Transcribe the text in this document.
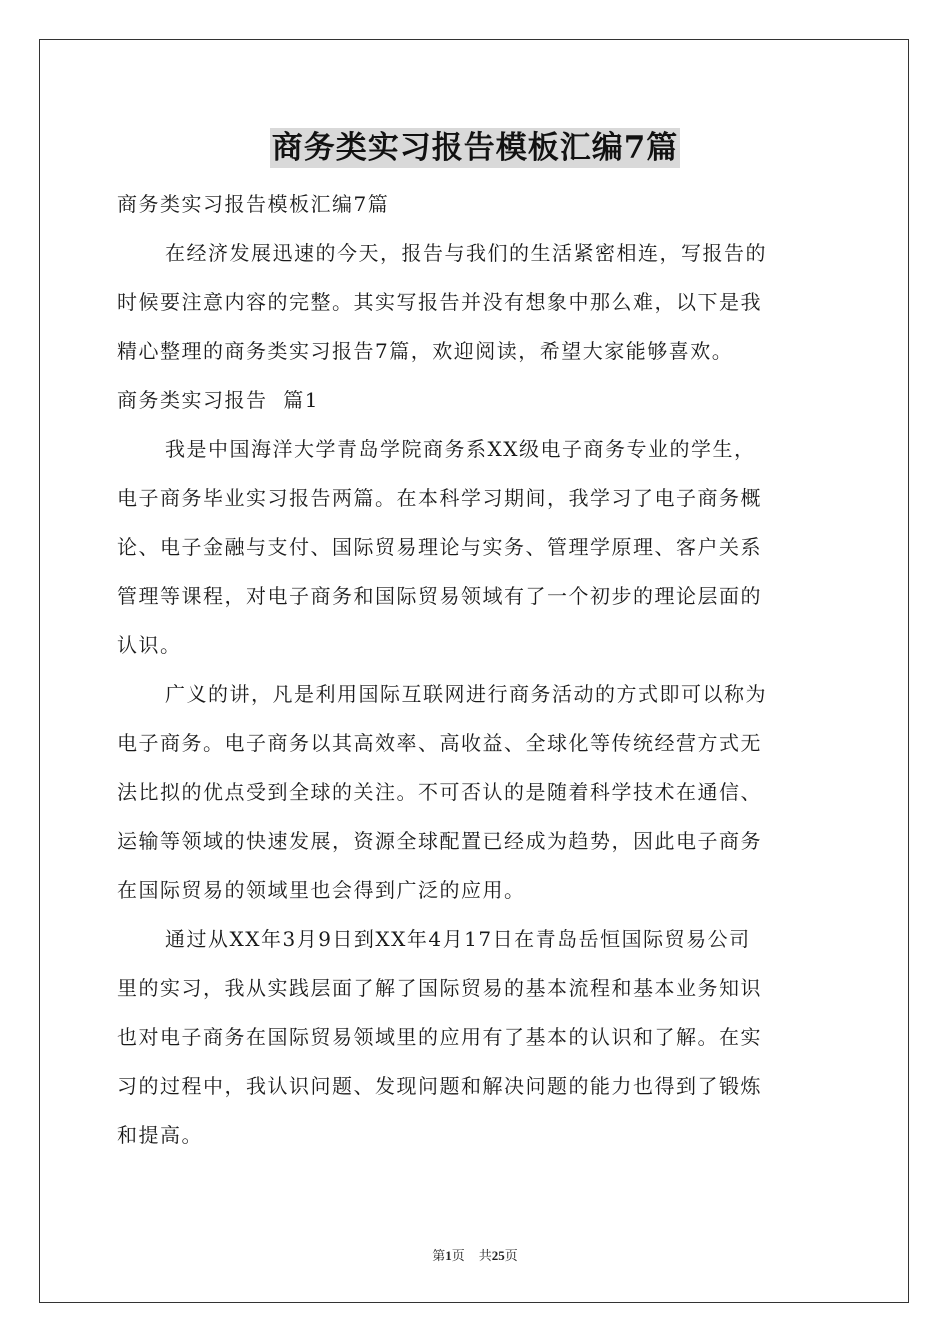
商务类实习报告模板汇编7篇
商务类实习报告模板汇编7篇
在经济发展迅速的今天，报告与我们的生活紧密相连，写报告的
时候要注意内容的完整。其实写报告并没有想象中那么难，以下是我
精心整理的商务类实习报告7篇，欢迎阅读，希望大家能够喜欢。
商务类实习报告  篇1
我是中国海洋大学青岛学院商务系XX级电子商务专业的学生，
电子商务毕业实习报告两篇。在本科学习期间，我学习了电子商务概
论、电子金融与支付、国际贸易理论与实务、管理学原理、客户关系
管理等课程，对电子商务和国际贸易领域有了一个初步的理论层面的
认识。
广义的讲，凡是利用国际互联网进行商务活动的方式即可以称为
电子商务。电子商务以其高效率、高收益、全球化等传统经营方式无
法比拟的优点受到全球的关注。不可否认的是随着科学技术在通信、
运输等领域的快速发展，资源全球配置已经成为趋势，因此电子商务
在国际贸易的领域里也会得到广泛的应用。
通过从XX年3月9日到XX年4月17日在青岛岳恒国际贸易公司
里的实习，我从实践层面了解了国际贸易的基本流程和基本业务知识
也对电子商务在国际贸易领域里的应用有了基本的认识和了解。在实
习的过程中，我认识问题、发现问题和解决问题的能力也得到了锻炼
和提高。
第1页 共25页
